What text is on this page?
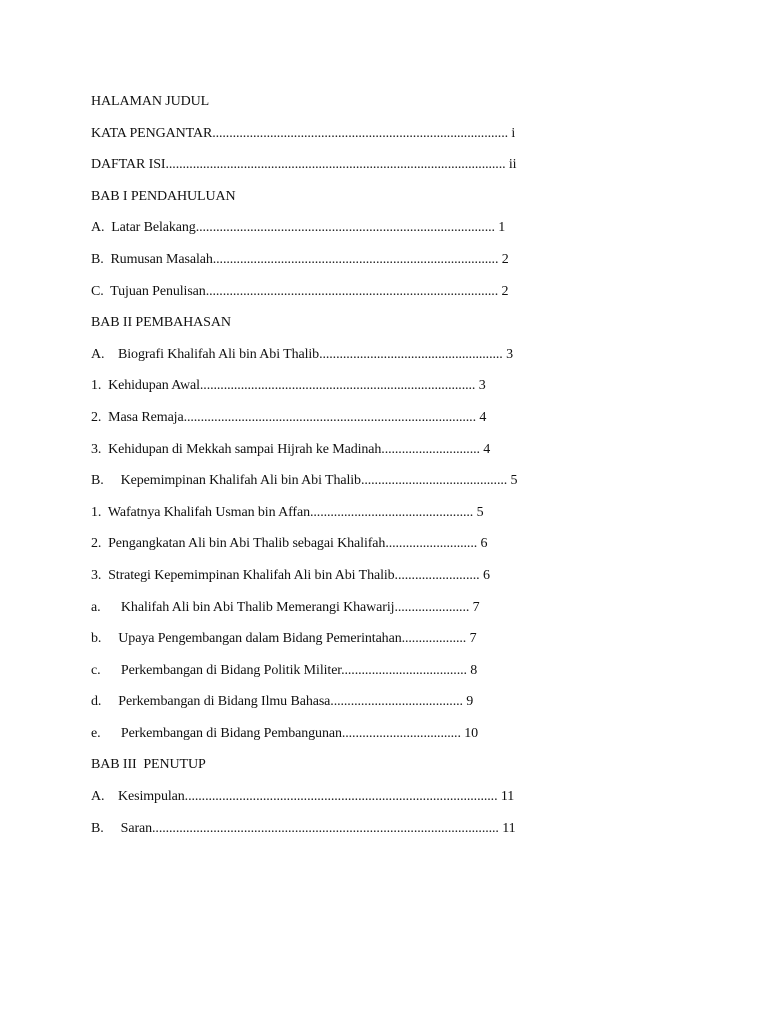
HALAMAN JUDUL
KATA PENGANTAR....................................................................................... i
DAFTAR ISI.................................................................................................... ii
BAB I PENDAHULUAN
A.  Latar Belakang........................................................................................ 1
B.  Rumusan Masalah.................................................................................... 2
C.  Tujuan Penulisan...................................................................................... 2
BAB II PEMBAHASAN
A.    Biografi Khalifah Ali bin Abi Thalib...................................................... 3
1.  Kehidupan Awal................................................................................. 3
2.  Masa Remaja...................................................................................... 4
3.  Kehidupan di Mekkah sampai Hijrah ke Madinah............................. 4
B.     Kepemimpinan Khalifah Ali bin Abi Thalib........................................... 5
1.  Wafatnya Khalifah Usman bin Affan................................................ 5
2.  Pengangkatan Ali bin Abi Thalib sebagai Khalifah........................... 6
3.  Strategi Kepemimpinan Khalifah Ali bin Abi Thalib......................... 6
a.      Khalifah Ali bin Abi Thalib Memerangi Khawarij...................... 7
b.     Upaya Pengembangan dalam Bidang Pemerintahan................... 7
c.      Perkembangan di Bidang Politik Militer..................................... 8
d.     Perkembangan di Bidang Ilmu Bahasa....................................... 9
e.      Perkembangan di Bidang Pembangunan................................... 10
BAB III  PENUTUP
A.    Kesimpulan............................................................................................ 11
B.     Saran...................................................................................................... 11
